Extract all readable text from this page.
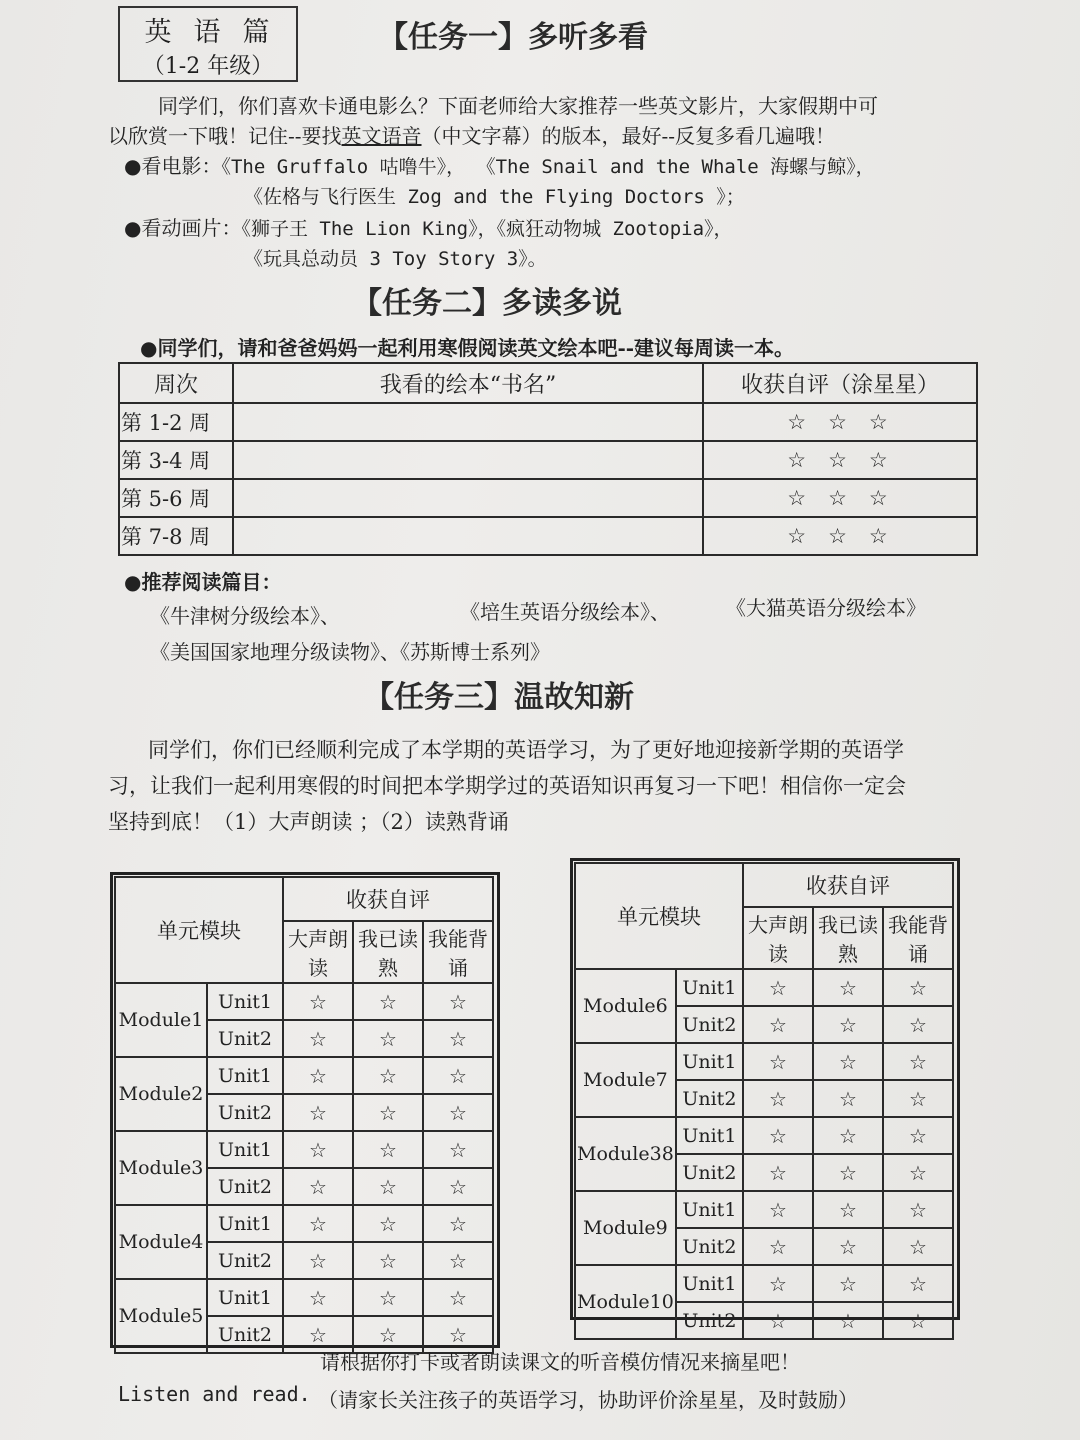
英语篇
（1-2 年级）
【任务一】多听多看
同学们，你们喜欢卡通电影么？下面老师给大家推荐一些英文影片，大家假期中可
以欣赏一下哦！记住--要找英文语音（中文字幕）的版本，最好--反复多看几遍哦！
●看电影：《The Gruffalo 咕噜牛》， 《The Snail and the Whale 海螺与鲸》，
《佐格与飞行医生 Zog and the Flying Doctors 》；
●看动画片：《狮子王 The Lion King》，《疯狂动物城 Zootopia》，
《玩具总动员 3 Toy Story 3》。
【任务二】多读多说
●同学们，请和爸爸妈妈一起利用寒假阅读英文绘本吧--建议每周读一本。
周次	我看的绘本“书名”	收获自评（涂星星）
第 1-2 周		☆☆☆
第 3-4 周		☆☆☆
第 5-6 周		☆☆☆
第 7-8 周		☆☆☆
●推荐阅读篇目：
《牛津树分级绘本》、	《培生英语分级绘本》、	《大猫英语分级绘本》
《美国国家地理分级读物》、《苏斯博士系列》
【任务三】温故知新
同学们，你们已经顺利完成了本学期的英语学习，为了更好地迎接新学期的英语学
习，让我们一起利用寒假的时间把本学期学过的英语知识再复习一下吧！相信你一定会
坚持到底！（1）大声朗读 ；（2）读熟背诵
单元模块		收获自评		
		大声朗读	我已读熟	我能背诵
Module1	Unit1	☆	☆	☆
	Unit2	☆	☆	☆
Module2	Unit1	☆	☆	☆
	Unit2	☆	☆	☆
Module3	Unit1	☆	☆	☆
	Unit2	☆	☆	☆
Module4	Unit1	☆	☆	☆
	Unit2	☆	☆	☆
Module5	Unit1	☆	☆	☆
	Unit2	☆	☆	☆
单元模块		收获自评		
		大声朗读	我已读熟	我能背诵
Module6	Unit1	☆	☆	☆
	Unit2	☆	☆	☆
Module7	Unit1	☆	☆	☆
	Unit2	☆	☆	☆
Module38	Unit1	☆	☆	☆
	Unit2	☆	☆	☆
Module9	Unit1	☆	☆	☆
	Unit2	☆	☆	☆
Module10	Unit1	☆	☆	☆
	Unit2	☆	☆	☆
Listen and read.
请根据你打卡或者朗读课文的听音模仿情况来摘星吧！
（请家长关注孩子的英语学习，协助评价涂星星，及时鼓励）
